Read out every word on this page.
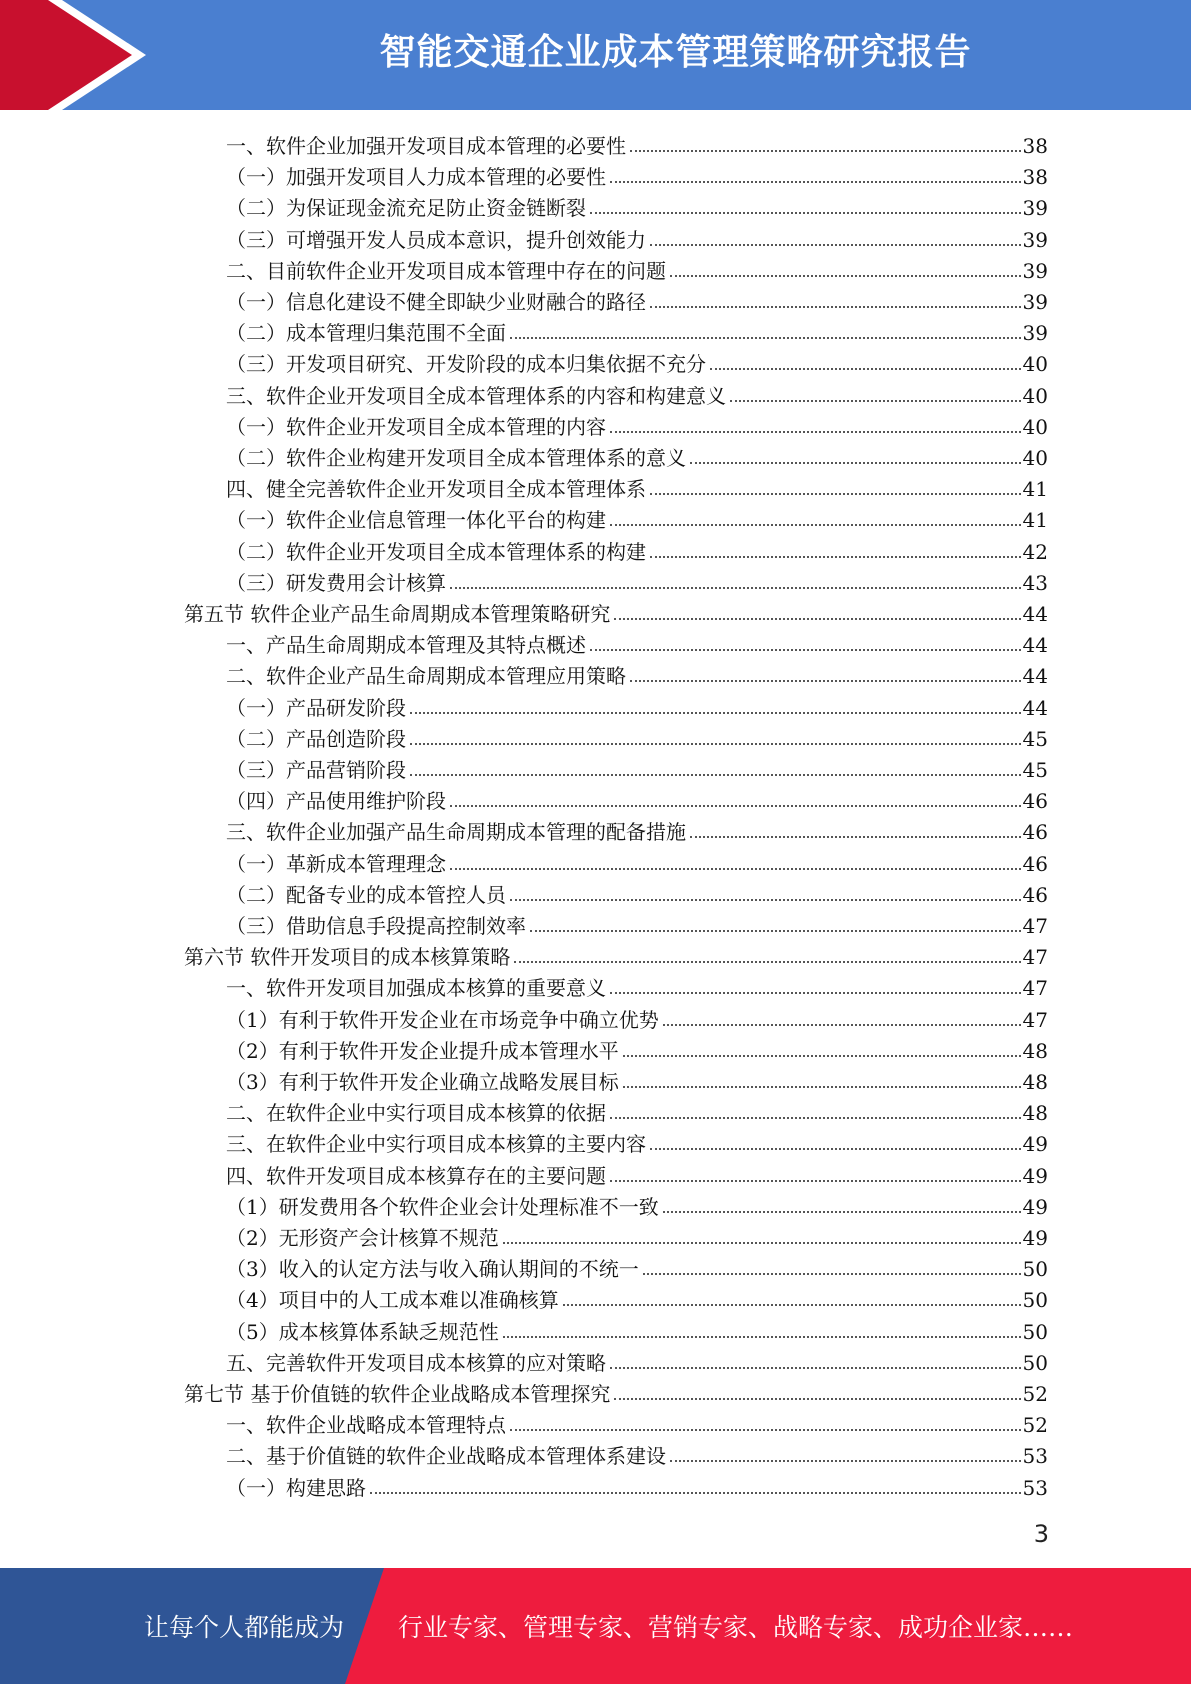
智能交通企业成本管理策略研究报告
一、软件企业加强开发项目成本管理的必要性	38
（一）加强开发项目人力成本管理的必要性	38
（二）为保证现金流充足防止资金链断裂	39
（三）可增强开发人员成本意识，提升创效能力	39
二、目前软件企业开发项目成本管理中存在的问题	39
（一）信息化建设不健全即缺少业财融合的路径	39
（二）成本管理归集范围不全面	39
（三）开发项目研究、开发阶段的成本归集依据不充分	40
三、软件企业开发项目全成本管理体系的内容和构建意义	40
（一）软件企业开发项目全成本管理的内容	40
（二）软件企业构建开发项目全成本管理体系的意义	40
四、健全完善软件企业开发项目全成本管理体系	41
（一）软件企业信息管理一体化平台的构建	41
（二）软件企业开发项目全成本管理体系的构建	42
（三）研发费用会计核算	43
第五节 软件企业产品生命周期成本管理策略研究	44
一、产品生命周期成本管理及其特点概述	44
二、软件企业产品生命周期成本管理应用策略	44
（一）产品研发阶段	44
（二）产品创造阶段	45
（三）产品营销阶段	45
（四）产品使用维护阶段	46
三、软件企业加强产品生命周期成本管理的配备措施	46
（一）革新成本管理理念	46
（二）配备专业的成本管控人员	46
（三）借助信息手段提高控制效率	47
第六节 软件开发项目的成本核算策略	47
一、软件开发项目加强成本核算的重要意义	47
（1）有利于软件开发企业在市场竞争中确立优势	47
（2）有利于软件开发企业提升成本管理水平	48
（3）有利于软件开发企业确立战略发展目标	48
二、在软件企业中实行项目成本核算的依据	48
三、在软件企业中实行项目成本核算的主要内容	49
四、软件开发项目成本核算存在的主要问题	49
（1）研发费用各个软件企业会计处理标准不一致	49
（2）无形资产会计核算不规范	49
（3）收入的认定方法与收入确认期间的不统一	50
（4）项目中的人工成本难以准确核算	50
（5）成本核算体系缺乏规范性	50
五、完善软件开发项目成本核算的应对策略	50
第七节 基于价值链的软件企业战略成本管理探究	52
一、软件企业战略成本管理特点	52
二、基于价值链的软件企业战略成本管理体系建设	53
（一）构建思路	53
3
让每个人都能成为 行业专家、管理专家、营销专家、战略专家、成功企业家……
